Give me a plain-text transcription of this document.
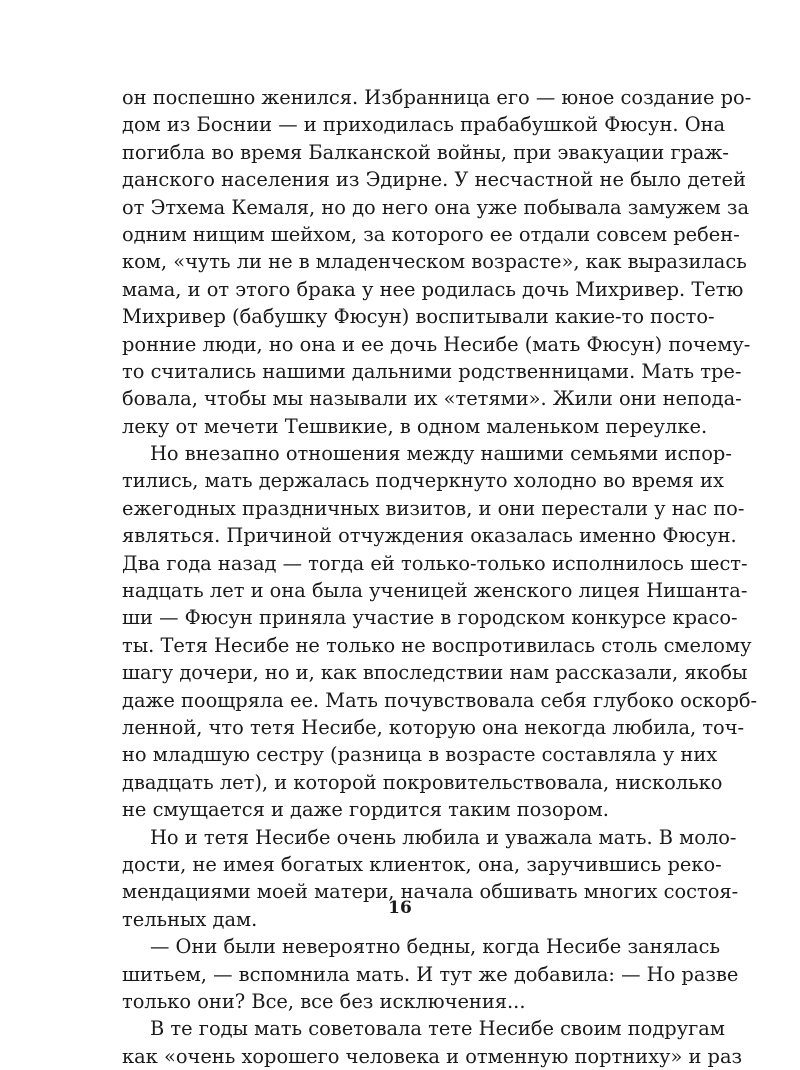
он поспешно женился. Избранница его — юное создание ро-
дом из Боснии — и приходилась прабабушкой Фюсун. Она
погибла во время Балканской войны, при эвакуации граж-
данского населения из Эдирне. У несчастной не было детей
от Этхема Кемаля, но до него она уже побывала замужем за
одним нищим шейхом, за которого ее отдали совсем ребен-
ком, «чуть ли не в младенческом возрасте», как выразилась
мама, и от этого брака у нее родилась дочь Михривер. Тетю
Михривер (бабушку Фюсун) воспитывали какие-то посто-
ронние люди, но она и ее дочь Несибе (мать Фюсун) почему-
то считались нашими дальними родственницами. Мать тре-
бовала, чтобы мы называли их «тетями». Жили они непода-
леку от мечети Тешвикие, в одном маленьком переулке.
Но внезапно отношения между нашими семьями испор-
тились, мать держалась подчеркнуто холодно во время их
ежегодных праздничных визитов, и они перестали у нас по-
являться. Причиной отчуждения оказалась именно Фюсун.
Два года назад — тогда ей только-только исполнилось шест-
надцать лет и она была ученицей женского лицея Нишанта-
ши — Фюсун приняла участие в городском конкурсе красо-
ты. Тетя Несибе не только не воспротивилась столь смелому
шагу дочери, но и, как впоследствии нам рассказали, якобы
даже поощряла ее. Мать почувствовала себя глубоко оскорб-
ленной, что тетя Несибе, которую она некогда любила, точ-
но младшую сестру (разница в возрасте составляла у них
двадцать лет), и которой покровительствовала, нисколько
не смущается и даже гордится таким позором.
Но и тетя Несибе очень любила и уважала мать. В моло-
дости, не имея богатых клиенток, она, заручившись реко-
мендациями моей матери, начала обшивать многих состоя-
тельных дам.
— Они были невероятно бедны, когда Несибе занялась
шитьем, — вспомнила мать. И тут же добавила: — Но разве
только они? Все, все без исключения...
В те годы мать советовала тете Несибе своим подругам
как «очень хорошего человека и отменную портниху» и раз
16
